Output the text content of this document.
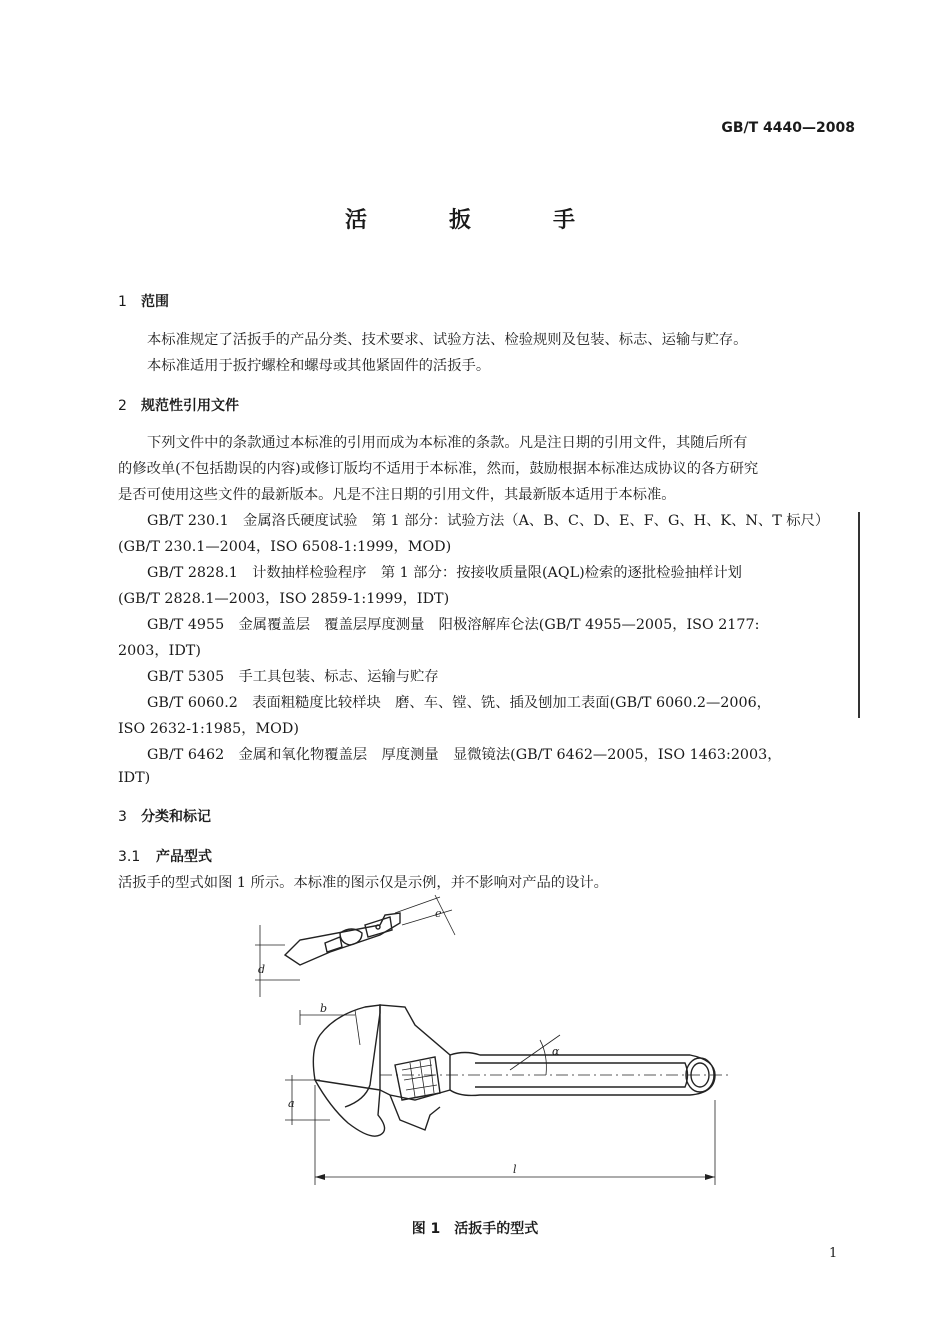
GB/T 4440—2008
活　扳　手
1 范围
本标准规定了活扳手的产品分类、技术要求、试验方法、检验规则及包装、标志、运输与贮存。
本标准适用于扳拧螺栓和螺母或其他紧固件的活扳手。
2 规范性引用文件
下列文件中的条款通过本标准的引用而成为本标准的条款。凡是注日期的引用文件，其随后所有
的修改单(不包括勘误的内容)或修订版均不适用于本标准，然而，鼓励根据本标准达成协议的各方研究
是否可使用这些文件的最新版本。凡是不注日期的引用文件，其最新版本适用于本标准。
GB/T 230.1　金属洛氏硬度试验　第 1 部分：试验方法（A、B、C、D、E、F、G、H、K、N、T 标尺）
(GB/T 230.1—2004，ISO 6508-1:1999，MOD)
GB/T 2828.1　计数抽样检验程序　第 1 部分：按接收质量限(AQL)检索的逐批检验抽样计划
(GB/T 2828.1—2003，ISO 2859-1:1999，IDT)
GB/T 4955　金属覆盖层　覆盖层厚度测量　阳极溶解库仑法(GB/T 4955—2005，ISO 2177:
2003，IDT)
GB/T 5305　手工具包装、标志、运输与贮存
GB/T 6060.2　表面粗糙度比较样块　磨、车、镗、铣、插及刨加工表面(GB/T 6060.2—2006，
ISO 2632-1:1985，MOD)
GB/T 6462　金属和氧化物覆盖层　厚度测量　显微镜法(GB/T 6462—2005，ISO 1463:2003，
IDT)
3 分类和标记
3.1 产品型式
活扳手的型式如图 1 所示。本标准的图示仅是示例，并不影响对产品的设计。
e
d
b
a
α
l
图 1　活扳手的型式
1
